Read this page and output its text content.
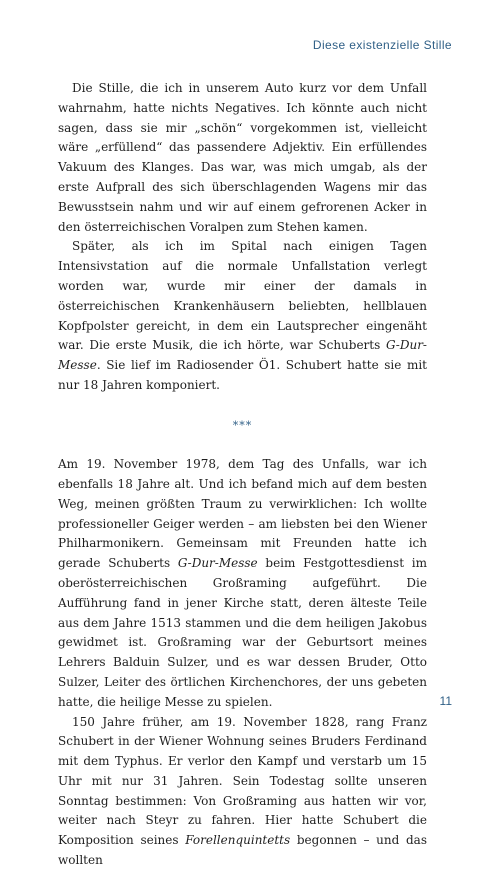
Diese existenzielle Stille

Die Stille, die ich in unserem Auto kurz vor dem Unfall wahrnahm, hatte nichts Negatives. Ich könnte auch nicht sagen, dass sie mir „schön“ vorgekommen ist, vielleicht wäre „erfüllend“ das passendere Adjektiv. Ein erfüllendes Vakuum des Klanges. Das war, was mich umgab, als der erste Aufprall des sich überschlagenden Wagens mir das Bewusstsein nahm und wir auf einem gefrorenen Acker in den österreichischen Voralpen zum Stehen kamen.

Später, als ich im Spital nach einigen Tagen Intensivstation auf die normale Unfallstation verlegt worden war, wurde mir einer der damals in österreichischen Krankenhäusern beliebten, hellblauen Kopfpolster gereicht, in dem ein Lautsprecher eingenäht war. Die erste Musik, die ich hörte, war Schuberts G-Dur-Messe. Sie lief im Radiosender Ö1. Schubert hatte sie mit nur 18 Jahren komponiert.

***

Am 19. November 1978, dem Tag des Unfalls, war ich ebenfalls 18 Jahre alt. Und ich befand mich auf dem besten Weg, meinen größten Traum zu verwirklichen: Ich wollte professioneller Geiger werden – am liebsten bei den Wiener Philharmonikern. Gemeinsam mit Freunden hatte ich gerade Schuberts G-Dur-Messe beim Festgottesdienst im oberösterreichischen Großraming aufgeführt. Die Aufführung fand in jener Kirche statt, deren älteste Teile aus dem Jahre 1513 stammen und die dem heiligen Jakobus gewidmet ist. Großraming war der Geburtsort meines Lehrers Balduin Sulzer, und es war dessen Bruder, Otto Sulzer, Leiter des örtlichen Kirchenchores, der uns gebeten hatte, die heilige Messe zu spielen.

150 Jahre früher, am 19. November 1828, rang Franz Schubert in der Wiener Wohnung seines Bruders Ferdinand mit dem Typhus. Er verlor den Kampf und verstarb um 15 Uhr mit nur 31 Jahren. Sein Todestag sollte unseren Sonntag bestimmen: Von Großraming aus hatten wir vor, weiter nach Steyr zu fahren. Hier hatte Schubert die Komposition seines Forellenquintetts begonnen – und das wollten

11
